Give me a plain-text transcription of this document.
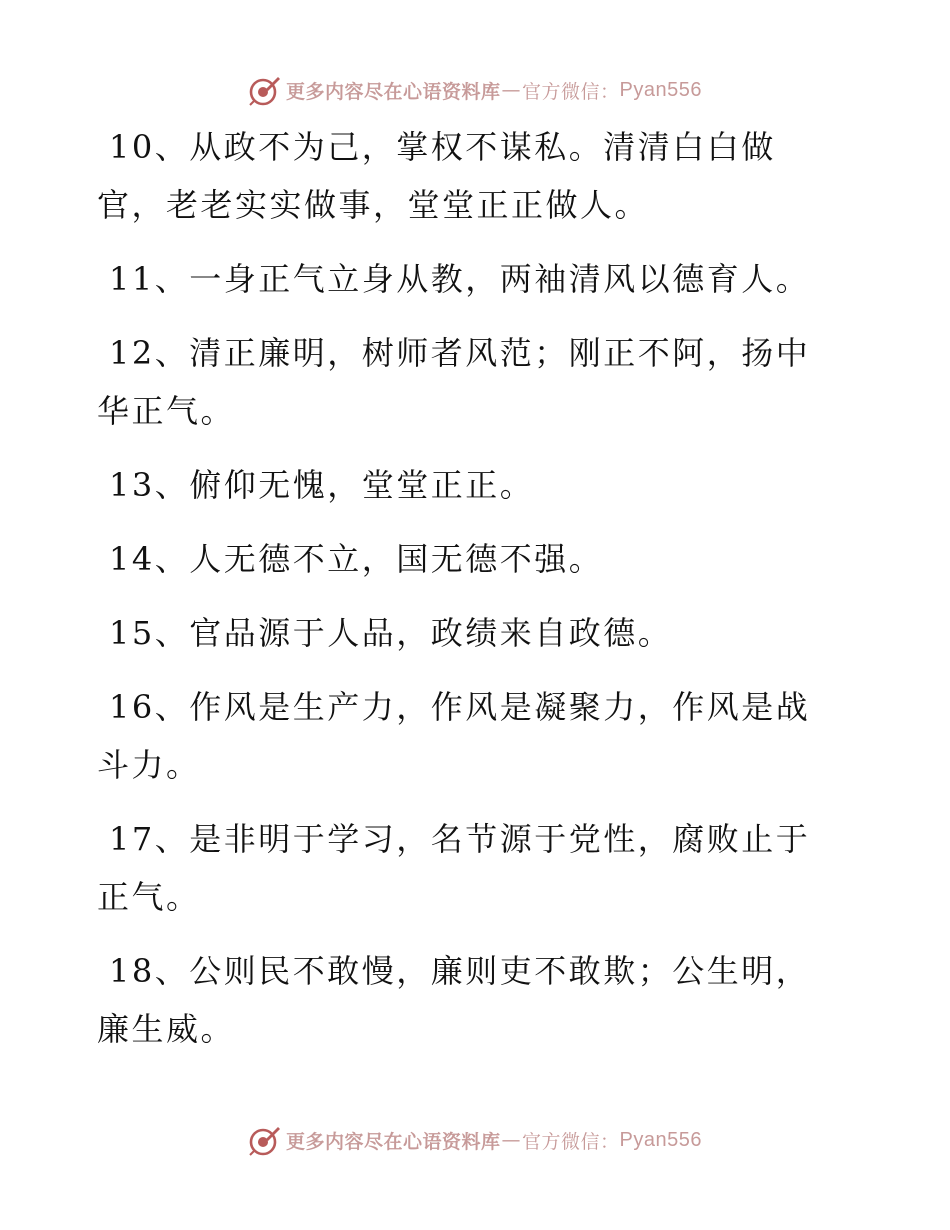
更多内容尽在心语资料库 — 官方微信： Pyan556

10、从政不为己，掌权不谋私。清清白白做官，老老实实做事，堂堂正正做人。

11、一身正气立身从教，两袖清风以德育人。

12、清正廉明，树师者风范；刚正不阿，扬中华正气。

13、俯仰无愧，堂堂正正。

14、人无德不立，国无德不强。

15、官品源于人品，政绩来自政德。

16、作风是生产力，作风是凝聚力，作风是战斗力。

17、是非明于学习，名节源于党性，腐败止于正气。

18、公则民不敢慢，廉则吏不敢欺；公生明，廉生威。

更多内容尽在心语资料库 — 官方微信： Pyan556
